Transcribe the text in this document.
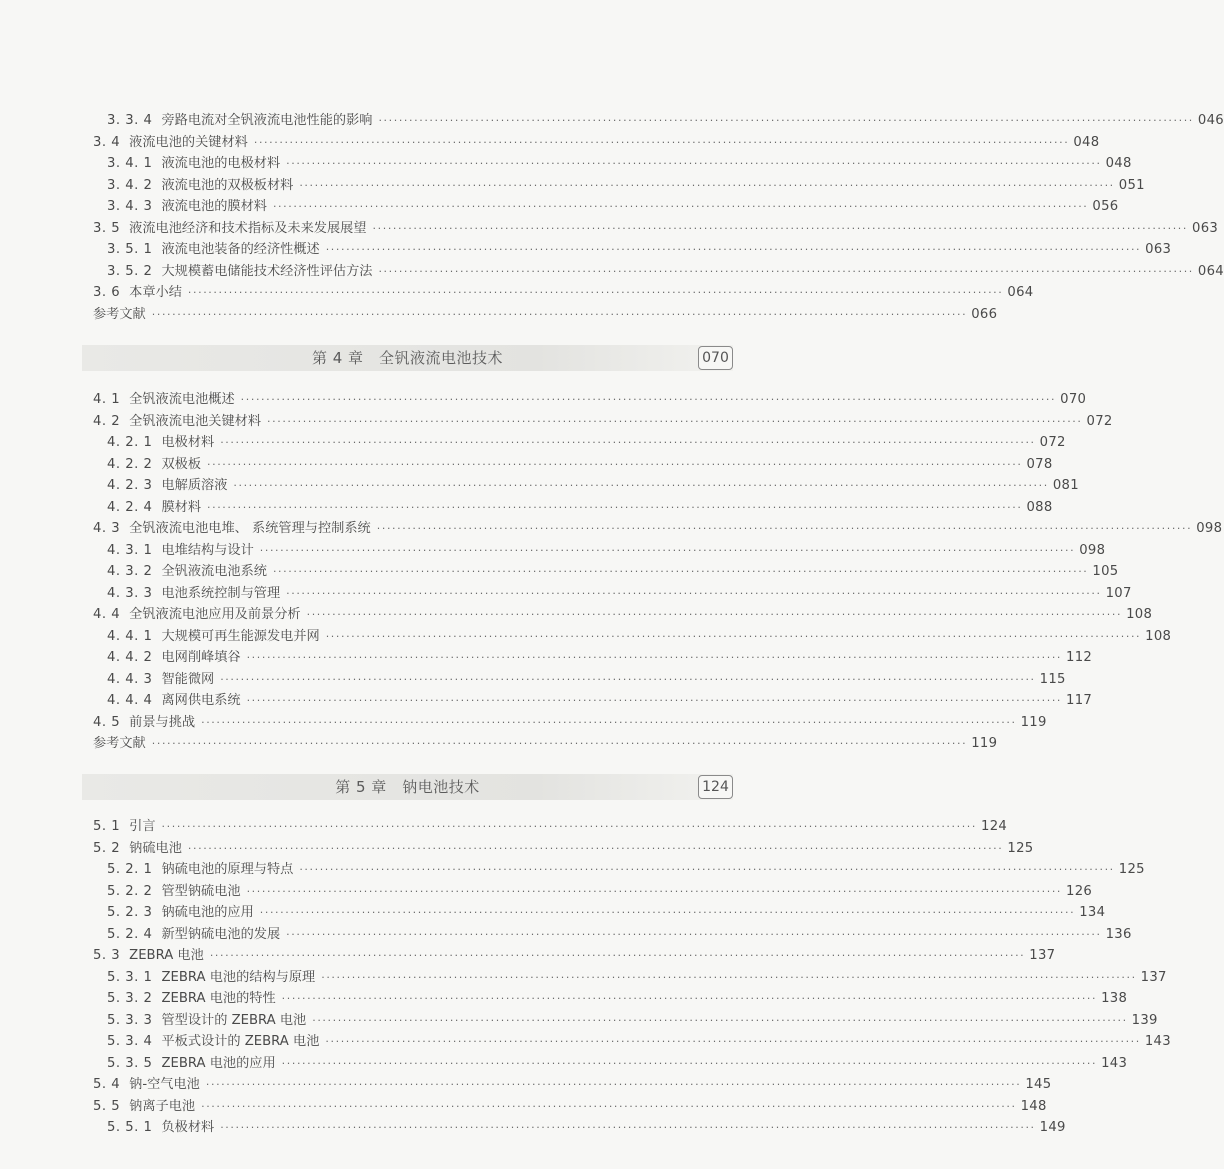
3. 3. 4 旁路电流对全钒液流电池性能的影响 ································································································································································ 046
3. 4 液流电池的关键材料 ································································································································································ 048
3. 4. 1 液流电池的电极材料 ································································································································································ 048
3. 4. 2 液流电池的双极板材料 ································································································································································ 051
3. 4. 3 液流电池的膜材料 ································································································································································ 056
3. 5 液流电池经济和技术指标及未来发展展望 ································································································································································ 063
3. 5. 1 液流电池装备的经济性概述 ································································································································································ 063
3. 5. 2 大规模蓄电储能技术经济性评估方法 ································································································································································ 064
3. 6 本章小结 ································································································································································ 064
参考文献 ································································································································································ 066
第 4 章　全钒液流电池技术	070
4. 1 全钒液流电池概述 ································································································································································ 070
4. 2 全钒液流电池关键材料 ································································································································································ 072
4. 2. 1 电极材料 ································································································································································ 072
4. 2. 2 双极板 ································································································································································ 078
4. 2. 3 电解质溶液 ································································································································································ 081
4. 2. 4 膜材料 ································································································································································ 088
4. 3 全钒液流电池电堆、 系统管理与控制系统 ································································································································································ 098
4. 3. 1 电堆结构与设计 ································································································································································ 098
4. 3. 2 全钒液流电池系统 ································································································································································ 105
4. 3. 3 电池系统控制与管理 ································································································································································ 107
4. 4 全钒液流电池应用及前景分析 ································································································································································ 108
4. 4. 1 大规模可再生能源发电并网 ································································································································································ 108
4. 4. 2 电网削峰填谷 ································································································································································ 112
4. 4. 3 智能微网 ································································································································································ 115
4. 4. 4 离网供电系统 ································································································································································ 117
4. 5 前景与挑战 ································································································································································ 119
参考文献 ································································································································································ 119
第 5 章　钠电池技术	124
5. 1 引言 ································································································································································ 124
5. 2 钠硫电池 ································································································································································ 125
5. 2. 1 钠硫电池的原理与特点 ································································································································································ 125
5. 2. 2 管型钠硫电池 ································································································································································ 126
5. 2. 3 钠硫电池的应用 ································································································································································ 134
5. 2. 4 新型钠硫电池的发展 ································································································································································ 136
5. 3 ZEBRA 电池 ································································································································································ 137
5. 3. 1 ZEBRA 电池的结构与原理 ································································································································································ 137
5. 3. 2 ZEBRA 电池的特性 ································································································································································ 138
5. 3. 3 管型设计的 ZEBRA 电池 ································································································································································ 139
5. 3. 4 平板式设计的 ZEBRA 电池 ································································································································································ 143
5. 3. 5 ZEBRA 电池的应用 ································································································································································ 143
5. 4 钠-空气电池 ································································································································································ 145
5. 5 钠离子电池 ································································································································································ 148
5. 5. 1 负极材料 ································································································································································ 149
